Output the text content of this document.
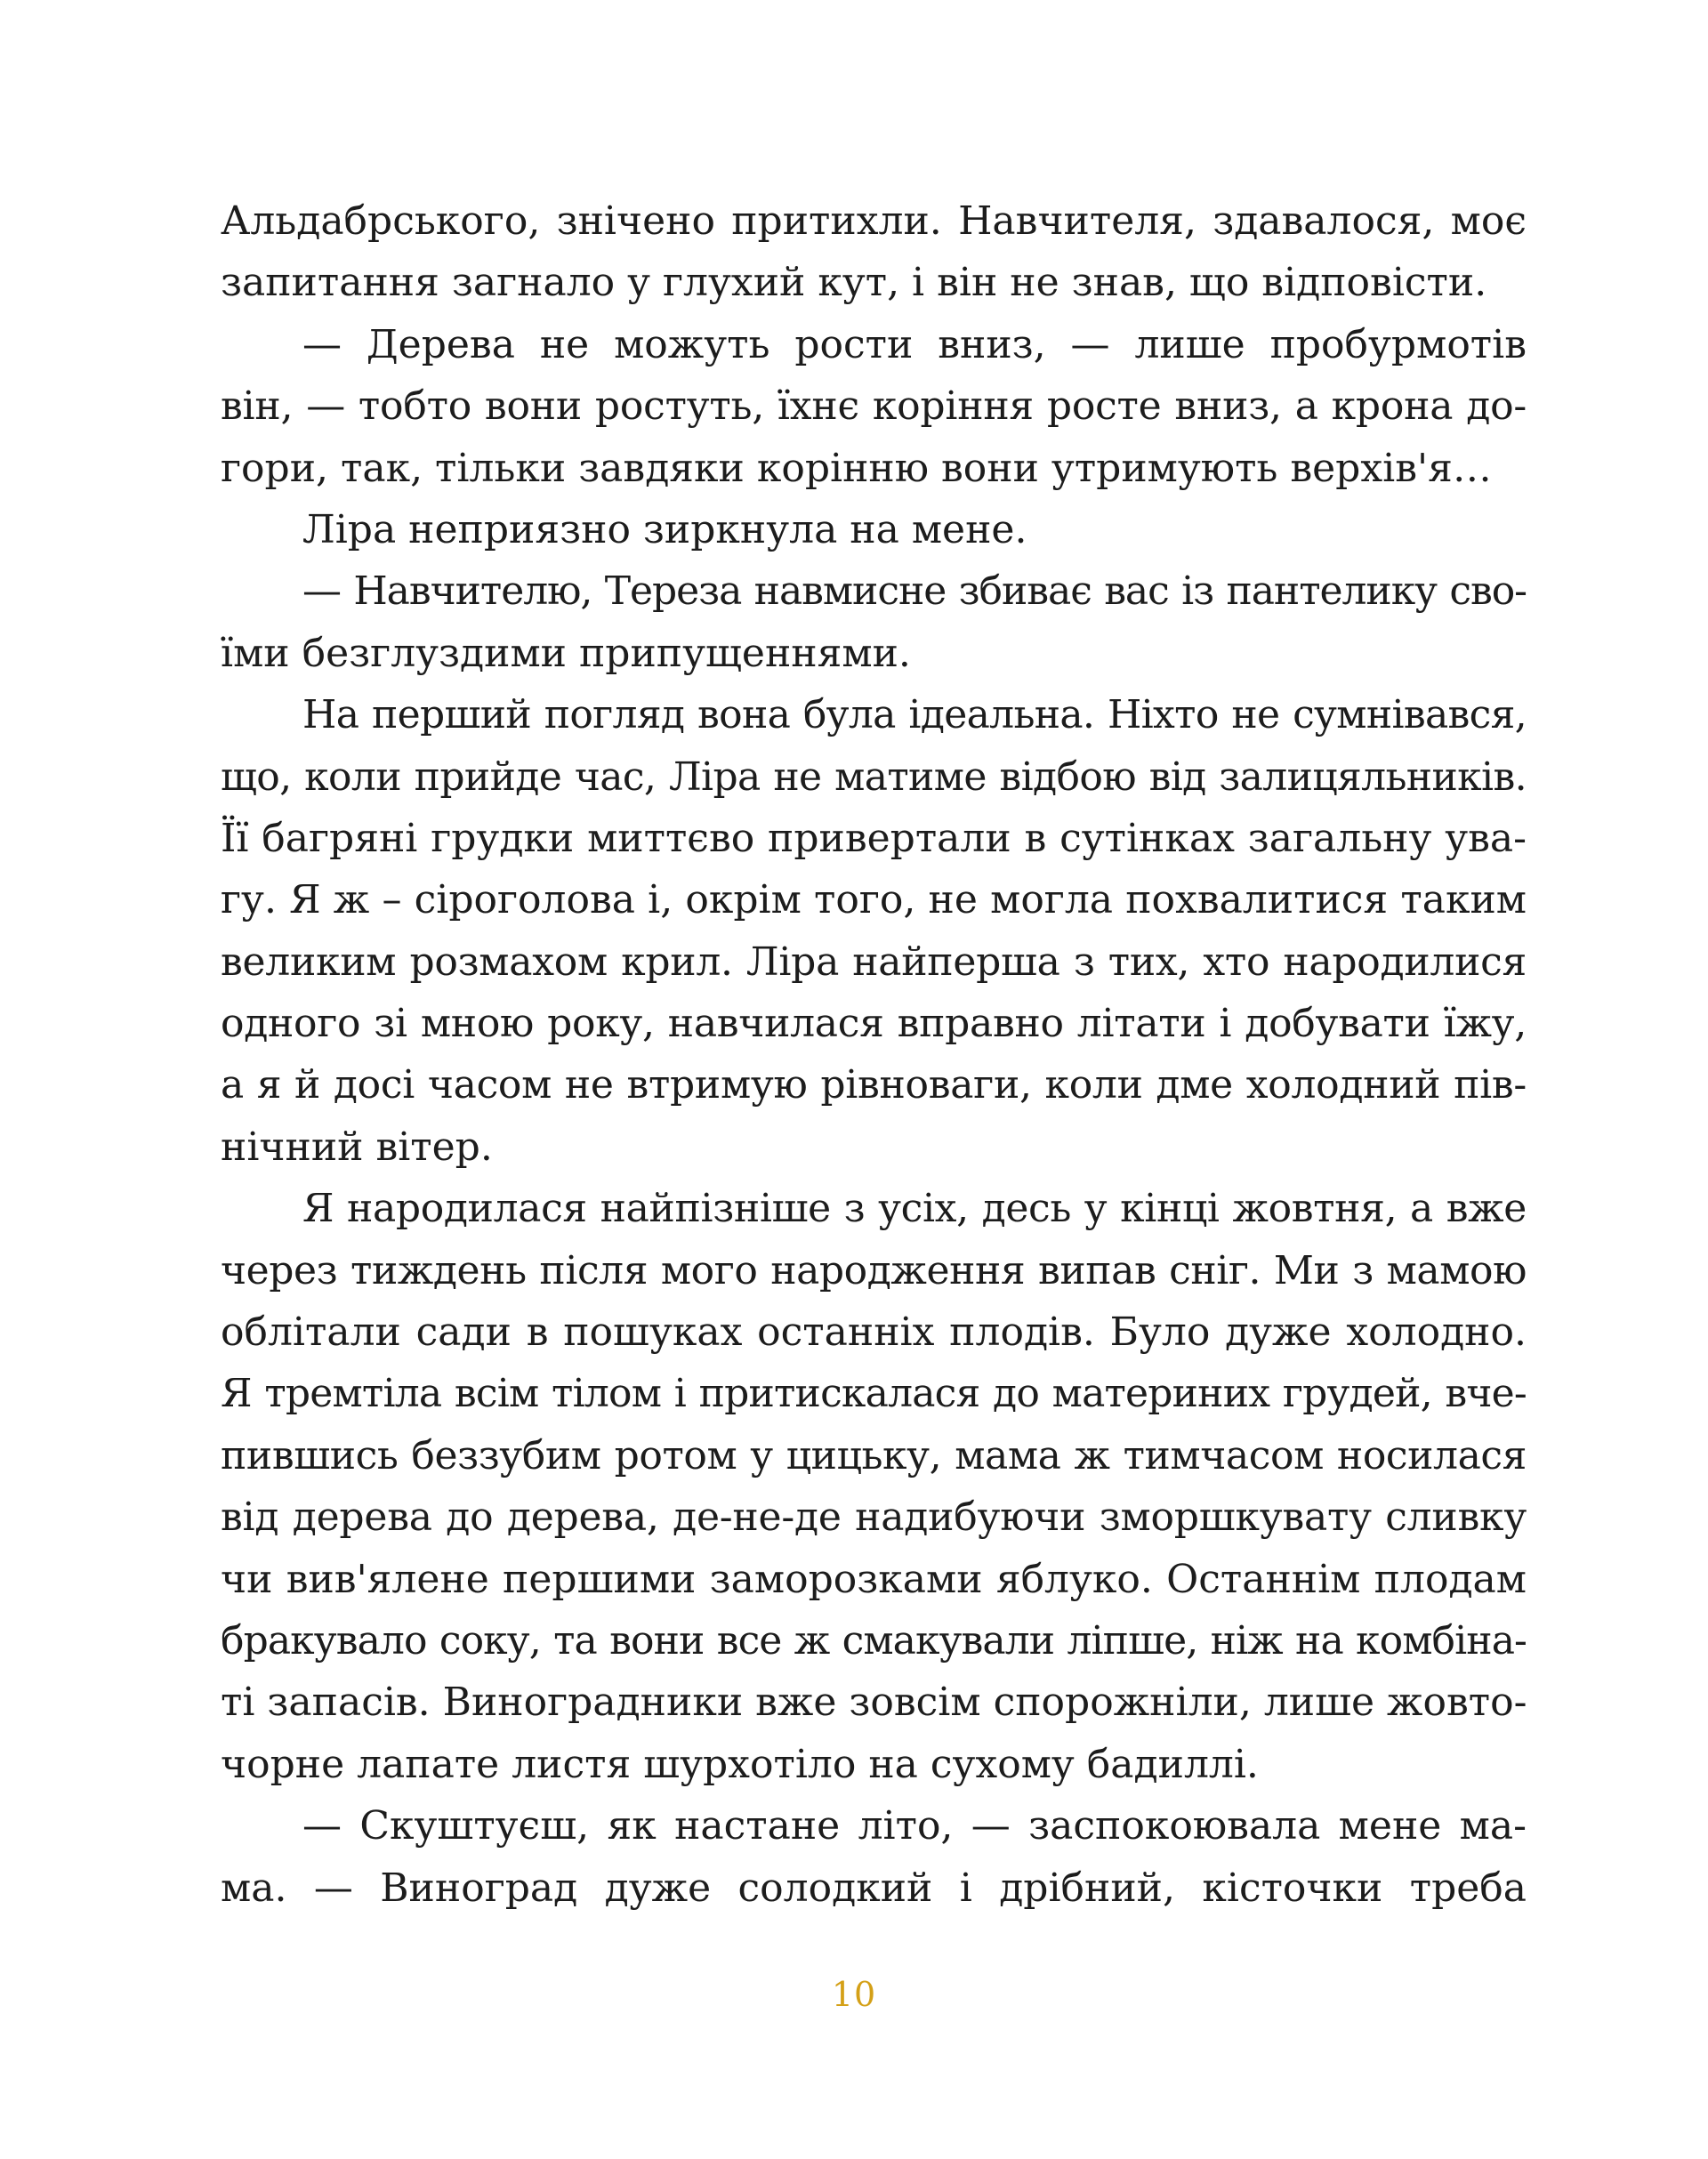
Альдабрського, знічено притихли. Навчителя, здавалося, моє
запитання загнало у глухий кут, і він не знав, що відповісти.
— Дерева не можуть рости вниз, — лише пробурмотів
він, — тобто вони ростуть, їхнє коріння росте вниз, а крона до-
гори, так, тільки завдяки корінню вони утримують верхів'я…
Ліра неприязно зиркнула на мене.
— Навчителю, Тереза навмисне збиває вас із пантелику сво-
їми безглуздими припущеннями.
На перший погляд вона була ідеальна. Ніхто не сумнівався,
що, коли прийде час, Ліра не матиме відбою від залицяльників.
Її багряні грудки миттєво привертали в сутінках загальну ува-
гу. Я ж – сіроголова і, окрім того, не могла похвалитися таким
великим розмахом крил. Ліра найперша з тих, хто народилися
одного зі мною року, навчилася вправно літати і добувати їжу,
а я й досі часом не втримую рівноваги, коли дме холодний пів-
нічний вітер.
Я народилася найпізніше з усіх, десь у кінці жовтня, а вже
через тиждень після мого народження випав сніг. Ми з мамою
облітали сади в пошуках останніх плодів. Було дуже холодно.
Я тремтіла всім тілом і притискалася до материних грудей, вче-
пившись беззубим ротом у цицьку, мама ж тимчасом носилася
від дерева до дерева, де-не-де надибуючи зморшкувату сливку
чи вив'ялене першими заморозками яблуко. Останнім плодам
бракувало соку, та вони все ж смакували ліпше, ніж на комбіна-
ті запасів. Виноградники вже зовсім спорожніли, лише жовто-
чорне лапате листя шурхотіло на сухому бадиллі.
— Скуштуєш, як настане літо, — заспокоювала мене ма-
ма. — Виноград дуже солодкий і дрібний, кісточки треба
10
